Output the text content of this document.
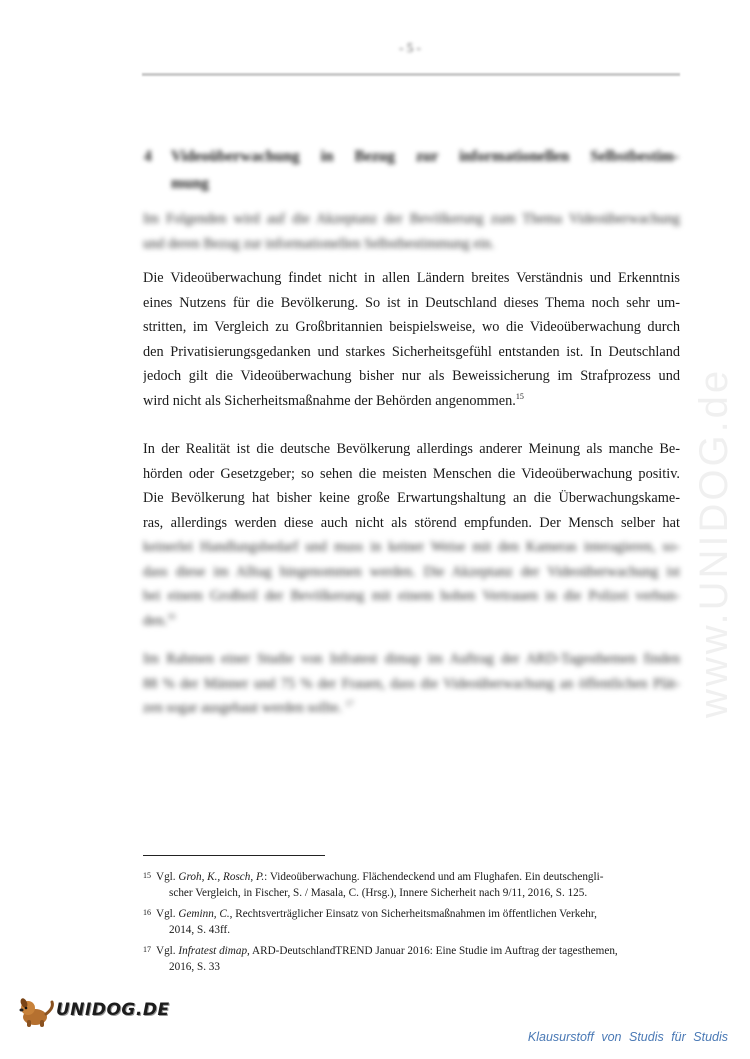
- 5 -
4	Videoüberwachung in Bezug zur informationellen Selbstbestim-
mung
Im Folgenden wird auf die Akzeptanz der Bevölkerung zum Thema Videoüberwachung
und deren Bezug zur informationellen Selbstbestimmung ein.
Die Videoüberwachung findet nicht in allen Ländern breites Verständnis und Erkenntnis
eines Nutzens für die Bevölkerung. So ist in Deutschland dieses Thema noch sehr um-
stritten, im Vergleich zu Großbritannien beispielsweise, wo die Videoüberwachung durch
den Privatisierungsgedanken und starkes Sicherheitsgefühl entstanden ist. In Deutschland
jedoch gilt die Videoüberwachung bisher nur als Beweissicherung im Strafprozess und
wird nicht als Sicherheitsmaßnahme der Behörden angenommen.$^{15}$
In der Realität ist die deutsche Bevölkerung allerdings anderer Meinung als manche Be-
hörden oder Gesetzgeber; so sehen die meisten Menschen die Videoüberwachung positiv.
Die Bevölkerung hat bisher keine große Erwartungshaltung an die Überwachungskame-
ras, allerdings werden diese auch nicht als störend empfunden. Der Mensch selber hat
keinerlei Handlungsbedarf und muss in keiner Weise mit den Kameras interagieren, so-
dass diese im Alltag hingenommen werden. Die Akzeptanz der Videoüberwachung ist
bei einem Großteil der Bevölkerung mit einem hohen Vertrauen in die Polizei verbun-
den.$^{16}$
Im Rahmen einer Studie von Infratest dimap im Auftrag der ARD-Tagesthemen finden
88 % der Männer und 75 % der Frauen, dass die Videoüberwachung an öffentlichen Plät-
zen sogar ausgebaut werden sollte. $^{17}$	www.UNIDOG.de
15 Vgl. Groh, K., Rosch, P.: Videoüberwachung. Flächendeckend und am Flughafen. Ein deutschengli-
scher Vergleich, in Fischer, S. / Masala, C. (Hrsg.), Innere Sicherheit nach 9/11, 2016, S. 125.
16 Vgl. Geminn, C., Rechtsverträglicher Einsatz von Sicherheitsmaßnahmen im öffentlichen Verkehr,
2014, S. 43ff.
17 Vgl. Infratest dimap, ARD-DeutschlandTREND Januar 2016: Eine Studie im Auftrag der tagesthemen,
2016, S. 33
UNIDOG.DE
Klausurstoff von Studis für Studis
